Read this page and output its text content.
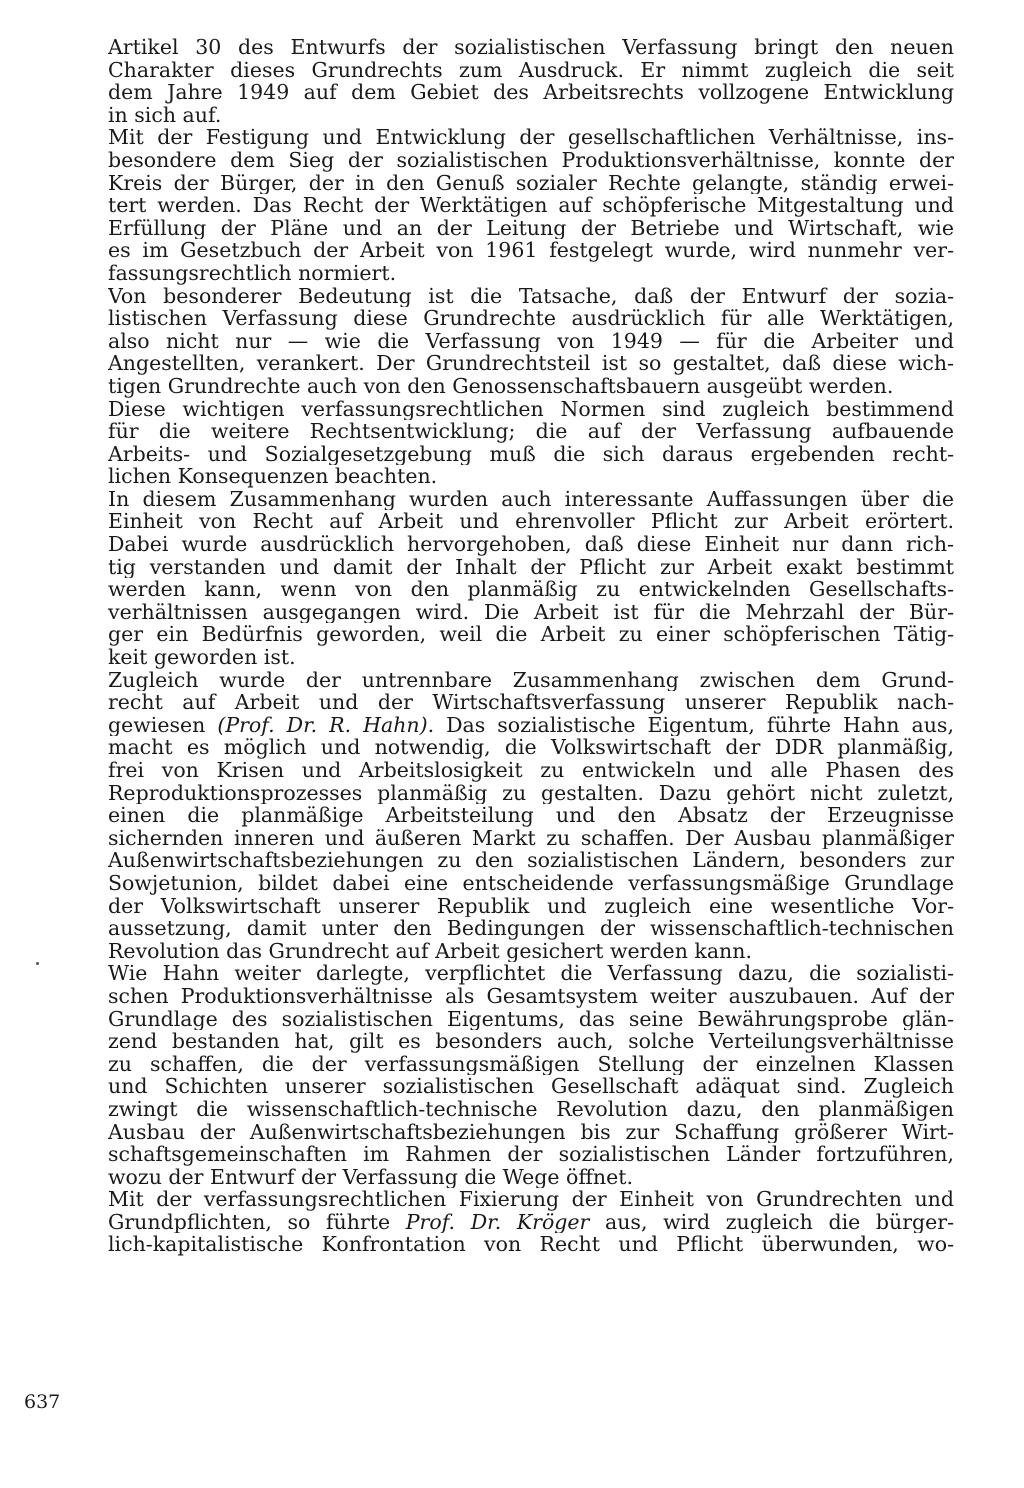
637

Artikel 30 des Entwurfs der sozialistischen Verfassung bringt den neuen
Charakter dieses Grundrechts zum Ausdruck. Er nimmt zugleich die seit
dem Jahre 1949 auf dem Gebiet des Arbeitsrechts vollzogene Entwicklung
in sich auf.

Mit der Festigung und Entwicklung der gesellschaftlichen Verhältnisse, ins-
besondere dem Sieg der sozialistischen Produktionsverhältnisse, konnte der
Kreis der Bürger, der in den Genuß sozialer Rechte gelangte, ständig erwei-
tert werden. Das Recht der Werktätigen auf schöpferische Mitgestaltung und
Erfüllung der Pläne und an der Leitung der Betriebe und Wirtschaft, wie
es im Gesetzbuch der Arbeit von 1961 festgelegt wurde, wird nunmehr ver-
fassungsrechtlich normiert.

Von besonderer Bedeutung ist die Tatsache, daß der Entwurf der sozia-
listischen Verfassung diese Grundrechte ausdrücklich für alle Werktätigen,
also nicht nur — wie die Verfassung von 1949 — für die Arbeiter und
Angestellten, verankert. Der Grundrechtsteil ist so gestaltet, daß diese wich-
tigen Grundrechte auch von den Genossenschaftsbauern ausgeübt werden.

Diese wichtigen verfassungsrechtlichen Normen sind zugleich bestimmend
für die weitere Rechtsentwicklung; die auf der Verfassung aufbauende
Arbeits- und Sozialgesetzgebung muß die sich daraus ergebenden recht-
lichen Konsequenzen beachten.

In diesem Zusammenhang wurden auch interessante Auffassungen über die
Einheit von Recht auf Arbeit und ehrenvoller Pflicht zur Arbeit erörtert.
Dabei wurde ausdrücklich hervorgehoben, daß diese Einheit nur dann rich-
tig verstanden und damit der Inhalt der Pflicht zur Arbeit exakt bestimmt
werden kann, wenn von den planmäßig zu entwickelnden Gesellschafts-
verhältnissen ausgegangen wird. Die Arbeit ist für die Mehrzahl der Bür-
ger ein Bedürfnis geworden, weil die Arbeit zu einer schöpferischen Tätig-
keit geworden ist.

Zugleich wurde der untrennbare Zusammenhang zwischen dem Grund-
recht auf Arbeit und der Wirtschaftsverfassung unserer Republik nach-
gewiesen (Prof. Dr. R. Hahn). Das sozialistische Eigentum, führte Hahn aus,
macht es möglich und notwendig, die Volkswirtschaft der DDR planmäßig,
frei von Krisen und Arbeitslosigkeit zu entwickeln und alle Phasen des
Reproduktionsprozesses planmäßig zu gestalten. Dazu gehört nicht zuletzt,
einen die planmäßige Arbeitsteilung und den Absatz der Erzeugnisse
sichernden inneren und äußeren Markt zu schaffen. Der Ausbau planmäßiger
Außenwirtschaftsbeziehungen zu den sozialistischen Ländern, besonders zur
Sowjetunion, bildet dabei eine entscheidende verfassungsmäßige Grundlage
der Volkswirtschaft unserer Republik und zugleich eine wesentliche Vor-
aussetzung, damit unter den Bedingungen der wissenschaftlich-technischen
Revolution das Grundrecht auf Arbeit gesichert werden kann.

Wie Hahn weiter darlegte, verpflichtet die Verfassung dazu, die sozialisti-
schen Produktionsverhältnisse als Gesamtsystem weiter auszubauen. Auf der
Grundlage des sozialistischen Eigentums, das seine Bewährungsprobe glän-
zend bestanden hat, gilt es besonders auch, solche Verteilungsverhältnisse
zu schaffen, die der verfassungsmäßigen Stellung der einzelnen Klassen
und Schichten unserer sozialistischen Gesellschaft adäquat sind. Zugleich
zwingt die wissenschaftlich-technische Revolution dazu, den planmäßigen
Ausbau der Außenwirtschaftsbeziehungen bis zur Schaffung größerer Wirt-
schaftsgemeinschaften im Rahmen der sozialistischen Länder fortzuführen,
wozu der Entwurf der Verfassung die Wege öffnet.

Mit der verfassungsrechtlichen Fixierung der Einheit von Grundrechten und
Grundpflichten, so führte Prof. Dr. Kröger aus, wird zugleich die bürger-
lich-kapitalistische Konfrontation von Recht und Pflicht überwunden, wo-
